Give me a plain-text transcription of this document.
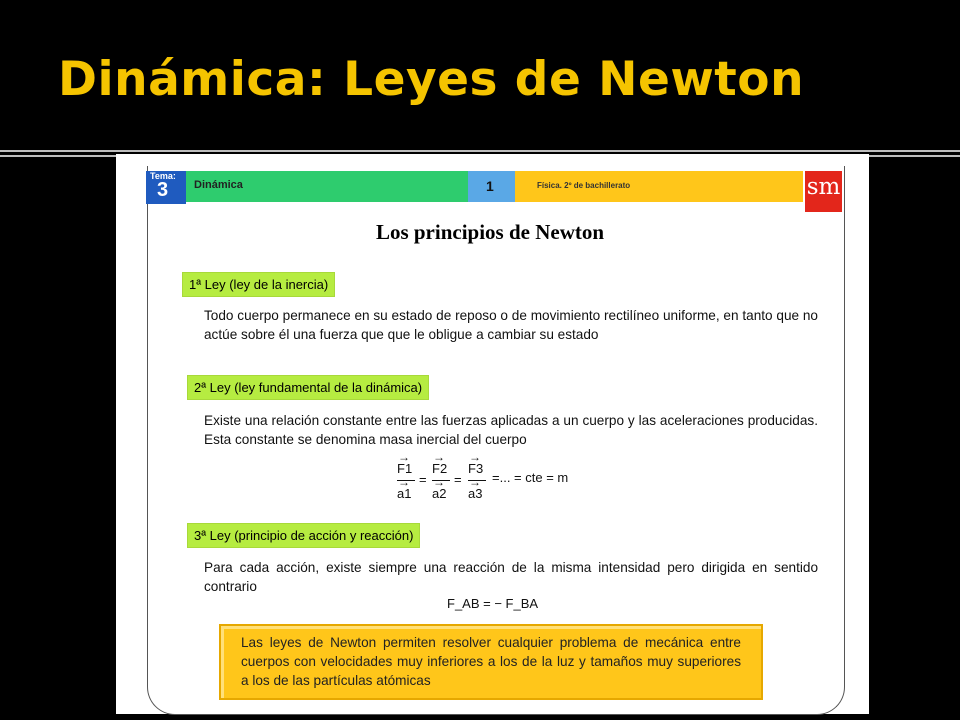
Dinámica: Leyes de Newton
Tema:
3 Dinámica	1	Física. 2º de bachillerato	sm
Los principios de Newton
1ª Ley (ley de la inercia)
Todo cuerpo permanece en su estado de reposo o de movimiento rectilíneo uniforme, en tanto que no actúe sobre él una fuerza que que le obligue a cambiar su estado
2ª Ley (ley fundamental de la dinámica)
Existe una relación constante entre las fuerzas aplicadas a un cuerpo y las aceleraciones producidas. Esta constante se denomina masa inercial del cuerpo
→
F1
→
a1
=
→
F2
→
a2
=
→
F3
→
a3
=... = cte = m
3ª Ley (principio de acción y reacción)
Para cada acción, existe siempre una reacción de la misma intensidad pero dirigida en sentido contrario
F_AB = − F_BA

Las leyes de Newton permiten resolver cualquier problema de mecánica entre cuerpos con velocidades muy inferiores a los de la luz y tamaños muy superiores a los de las partículas atómicas
